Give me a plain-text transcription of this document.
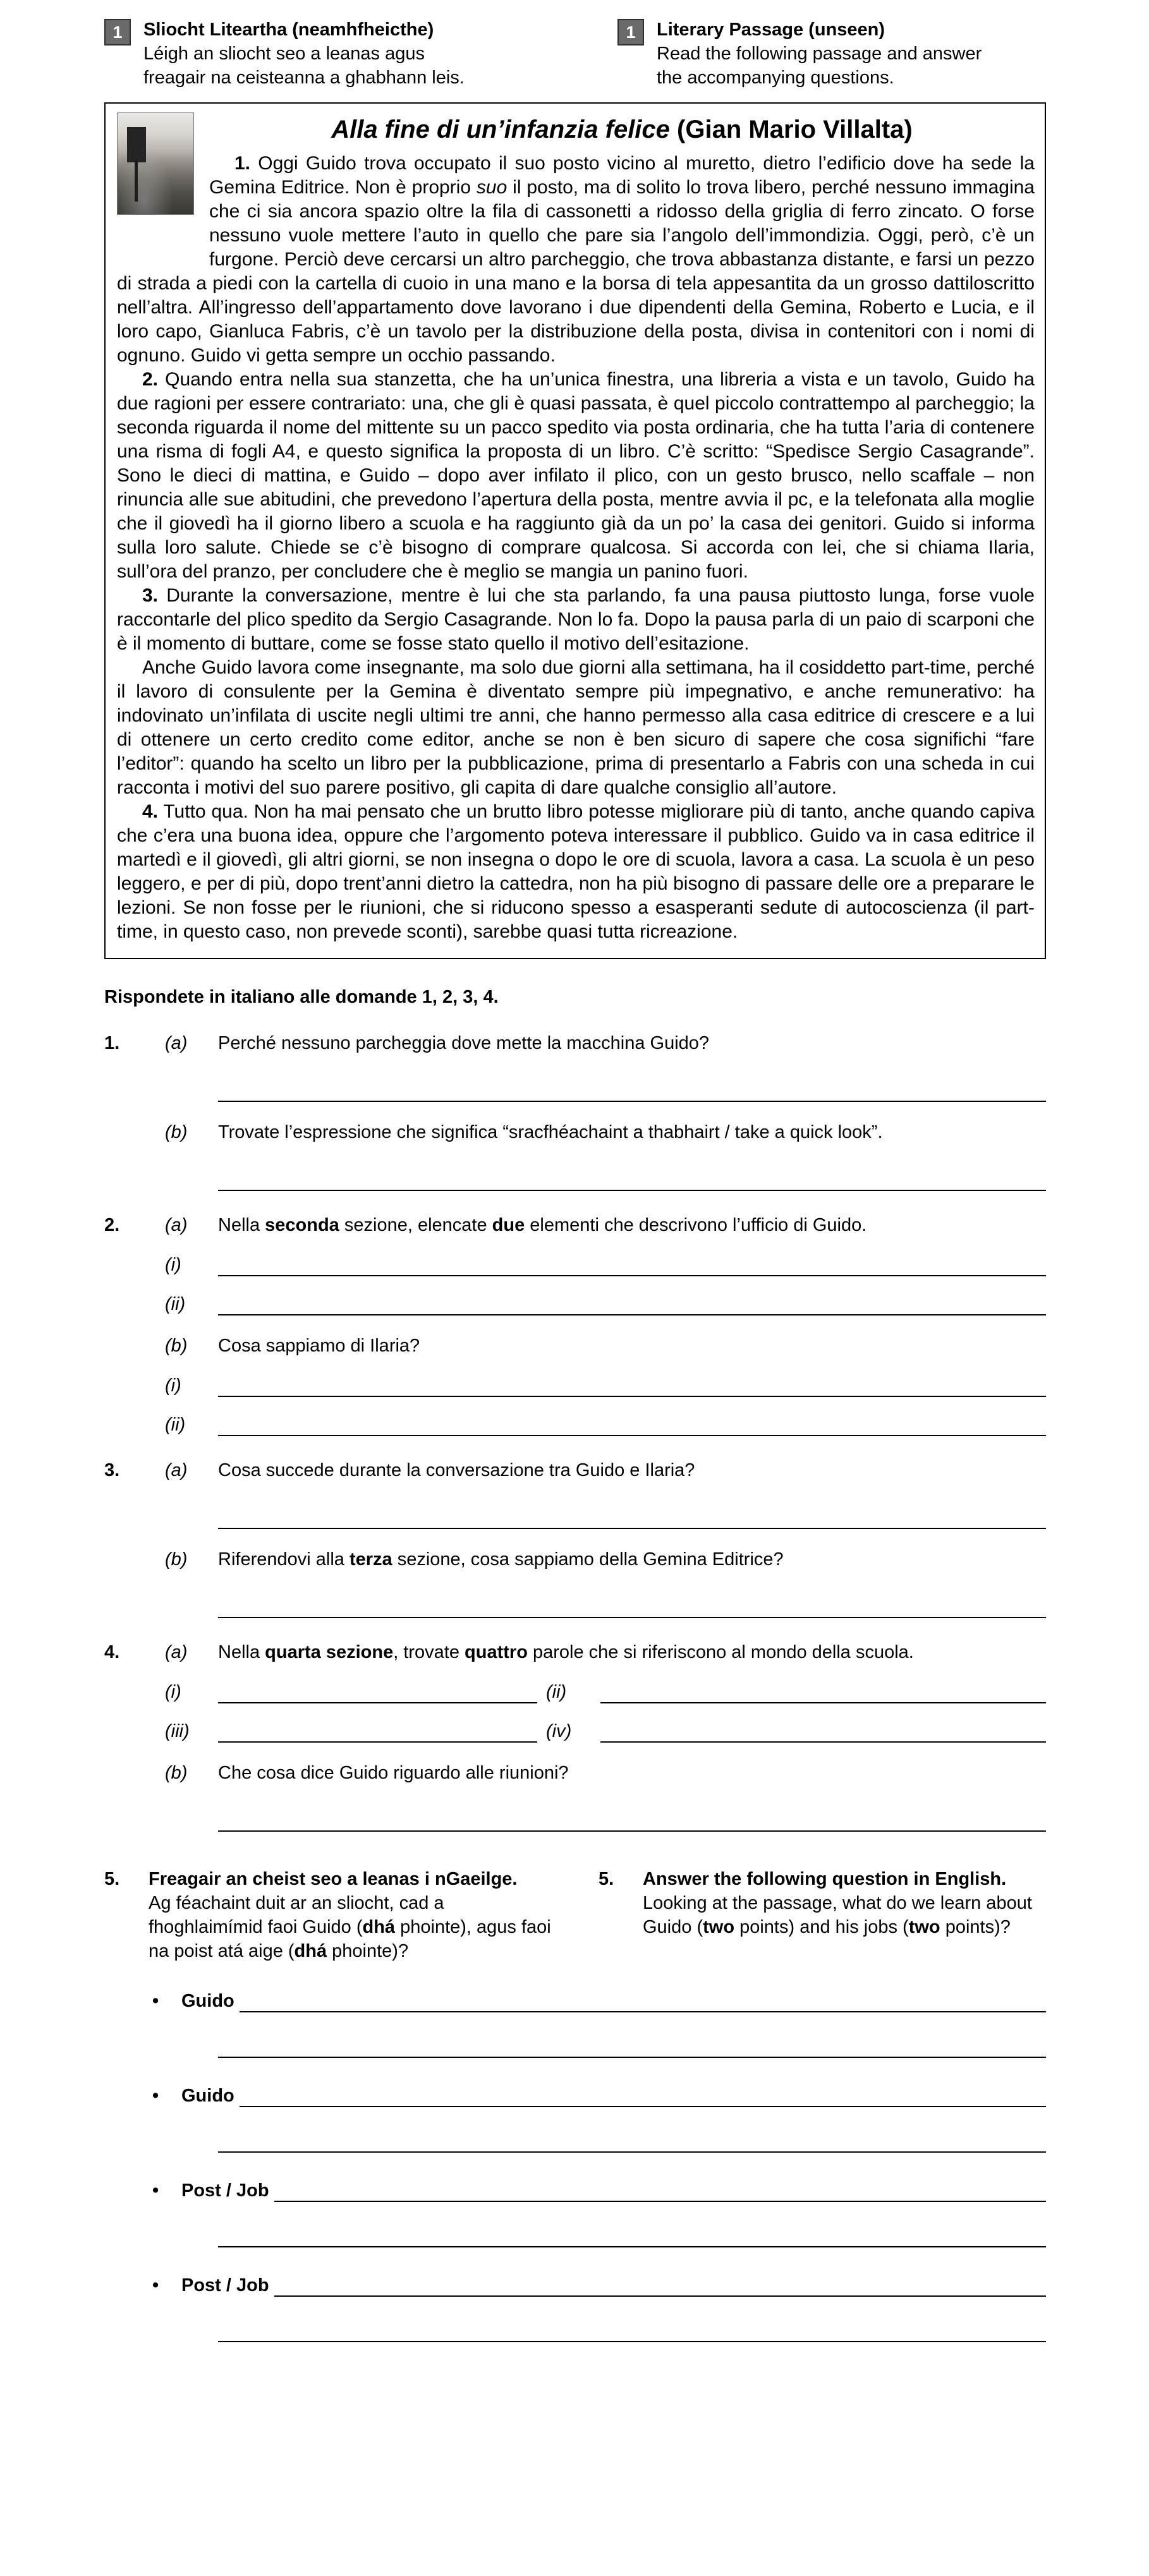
1	Sliocht Liteartha (neamhfheicthe)
Léigh an sliocht seo a leanas agus
freagair na ceisteanna a ghabhann leis.
1	Literary Passage (unseen)
Read the following passage and answer
the accompanying questions.
Alla fine di un’infanzia felice (Gian Mario Villalta)
1. Oggi Guido trova occupato il suo posto vicino al muretto, dietro l’edificio dove ha sede la Gemina Editrice. Non è proprio suo il posto, ma di solito lo trova libero, perché nessuno immagina che ci sia ancora spazio oltre la fila di cassonetti a ridosso della griglia di ferro zincato. O forse nessuno vuole mettere l’auto in quello che pare sia l’angolo dell’immondizia. Oggi, però, c’è un furgone. Perciò deve cercarsi un altro parcheggio, che trova abbastanza distante, e farsi un pezzo di strada a piedi con la cartella di cuoio in una mano e la borsa di tela appesantita da un grosso dattiloscritto nell’altra. All’ingresso dell’appartamento dove lavorano i due dipendenti della Gemina, Roberto e Lucia, e il loro capo, Gianluca Fabris, c’è un tavolo per la distribuzione della posta, divisa in contenitori con i nomi di ognuno. Guido vi getta sempre un occhio passando.
2. Quando entra nella sua stanzetta, che ha un’unica finestra, una libreria a vista e un tavolo, Guido ha due ragioni per essere contrariato: una, che gli è quasi passata, è quel piccolo contrattempo al parcheggio; la seconda riguarda il nome del mittente su un pacco spedito via posta ordinaria, che ha tutta l’aria di contenere una risma di fogli A4, e questo significa la proposta di un libro. C’è scritto: “Spedisce Sergio Casagrande”. Sono le dieci di mattina, e Guido – dopo aver infilato il plico, con un gesto brusco, nello scaffale – non rinuncia alle sue abitudini, che prevedono l’apertura della posta, mentre avvia il pc, e la telefonata alla moglie che il giovedì ha il giorno libero a scuola e ha raggiunto già da un po’ la casa dei genitori. Guido si informa sulla loro salute. Chiede se c’è bisogno di comprare qualcosa. Si accorda con lei, che si chiama Ilaria, sull’ora del pranzo, per concludere che è meglio se mangia un panino fuori.
3. Durante la conversazione, mentre è lui che sta parlando, fa una pausa piuttosto lunga, forse vuole raccontarle del plico spedito da Sergio Casagrande. Non lo fa. Dopo la pausa parla di un paio di scarponi che è il momento di buttare, come se fosse stato quello il motivo dell’esitazione.
Anche Guido lavora come insegnante, ma solo due giorni alla settimana, ha il cosiddetto part-time, perché il lavoro di consulente per la Gemina è diventato sempre più impegnativo, e anche remunerativo: ha indovinato un’infilata di uscite negli ultimi tre anni, che hanno permesso alla casa editrice di crescere e a lui di ottenere un certo credito come editor, anche se non è ben sicuro di sapere che cosa significhi “fare l’editor”: quando ha scelto un libro per la pubblicazione, prima di presentarlo a Fabris con una scheda in cui racconta i motivi del suo parere positivo, gli capita di dare qualche consiglio all’autore.
4. Tutto qua. Non ha mai pensato che un brutto libro potesse migliorare più di tanto, anche quando capiva che c’era una buona idea, oppure che l’argomento poteva interessare il pubblico. Guido va in casa editrice il martedì e il giovedì, gli altri giorni, se non insegna o dopo le ore di scuola, lavora a casa. La scuola è un peso leggero, e per di più, dopo trent’anni dietro la cattedra, non ha più bisogno di passare delle ore a preparare le lezioni. Se non fosse per le riunioni, che si riducono spesso a esasperanti sedute di autocoscienza (il part-time, in questo caso, non prevede sconti), sarebbe quasi tutta ricreazione.
Rispondete in italiano alle domande 1, 2, 3, 4.
1.	(a)	Perché nessuno parcheggia dove mette la macchina Guido?
(b)	Trovate l’espressione che significa “sracfhéachaint a thabhairt / take a quick look”.
2.	(a)	Nella seconda sezione, elencate due elementi che descrivono l’ufficio di Guido.
(i)
(ii)
(b)	Cosa sappiamo di Ilaria?
(i)
(ii)
3.	(a)	Cosa succede durante la conversazione tra Guido e Ilaria?
(b)	Riferendovi alla terza sezione, cosa sappiamo della Gemina Editrice?
4.	(a)	Nella quarta sezione, trovate quattro parole che si riferiscono al mondo della scuola.
(i)	(ii)
(iii)	(iv)
(b)	Che cosa dice Guido riguardo alle riunioni?
5.	Freagair an cheist seo a leanas i nGaeilge.
Ag féachaint duit ar an sliocht, cad a fhoghlaimímid faoi Guido (dhá phointe), agus faoi na poist atá aige (dhá phointe)?
5.	Answer the following question in English.
Looking at the passage, what do we learn about Guido (two points) and his jobs (two points)?
•	Guido
•	Guido
•	Post / Job
•	Post / Job
